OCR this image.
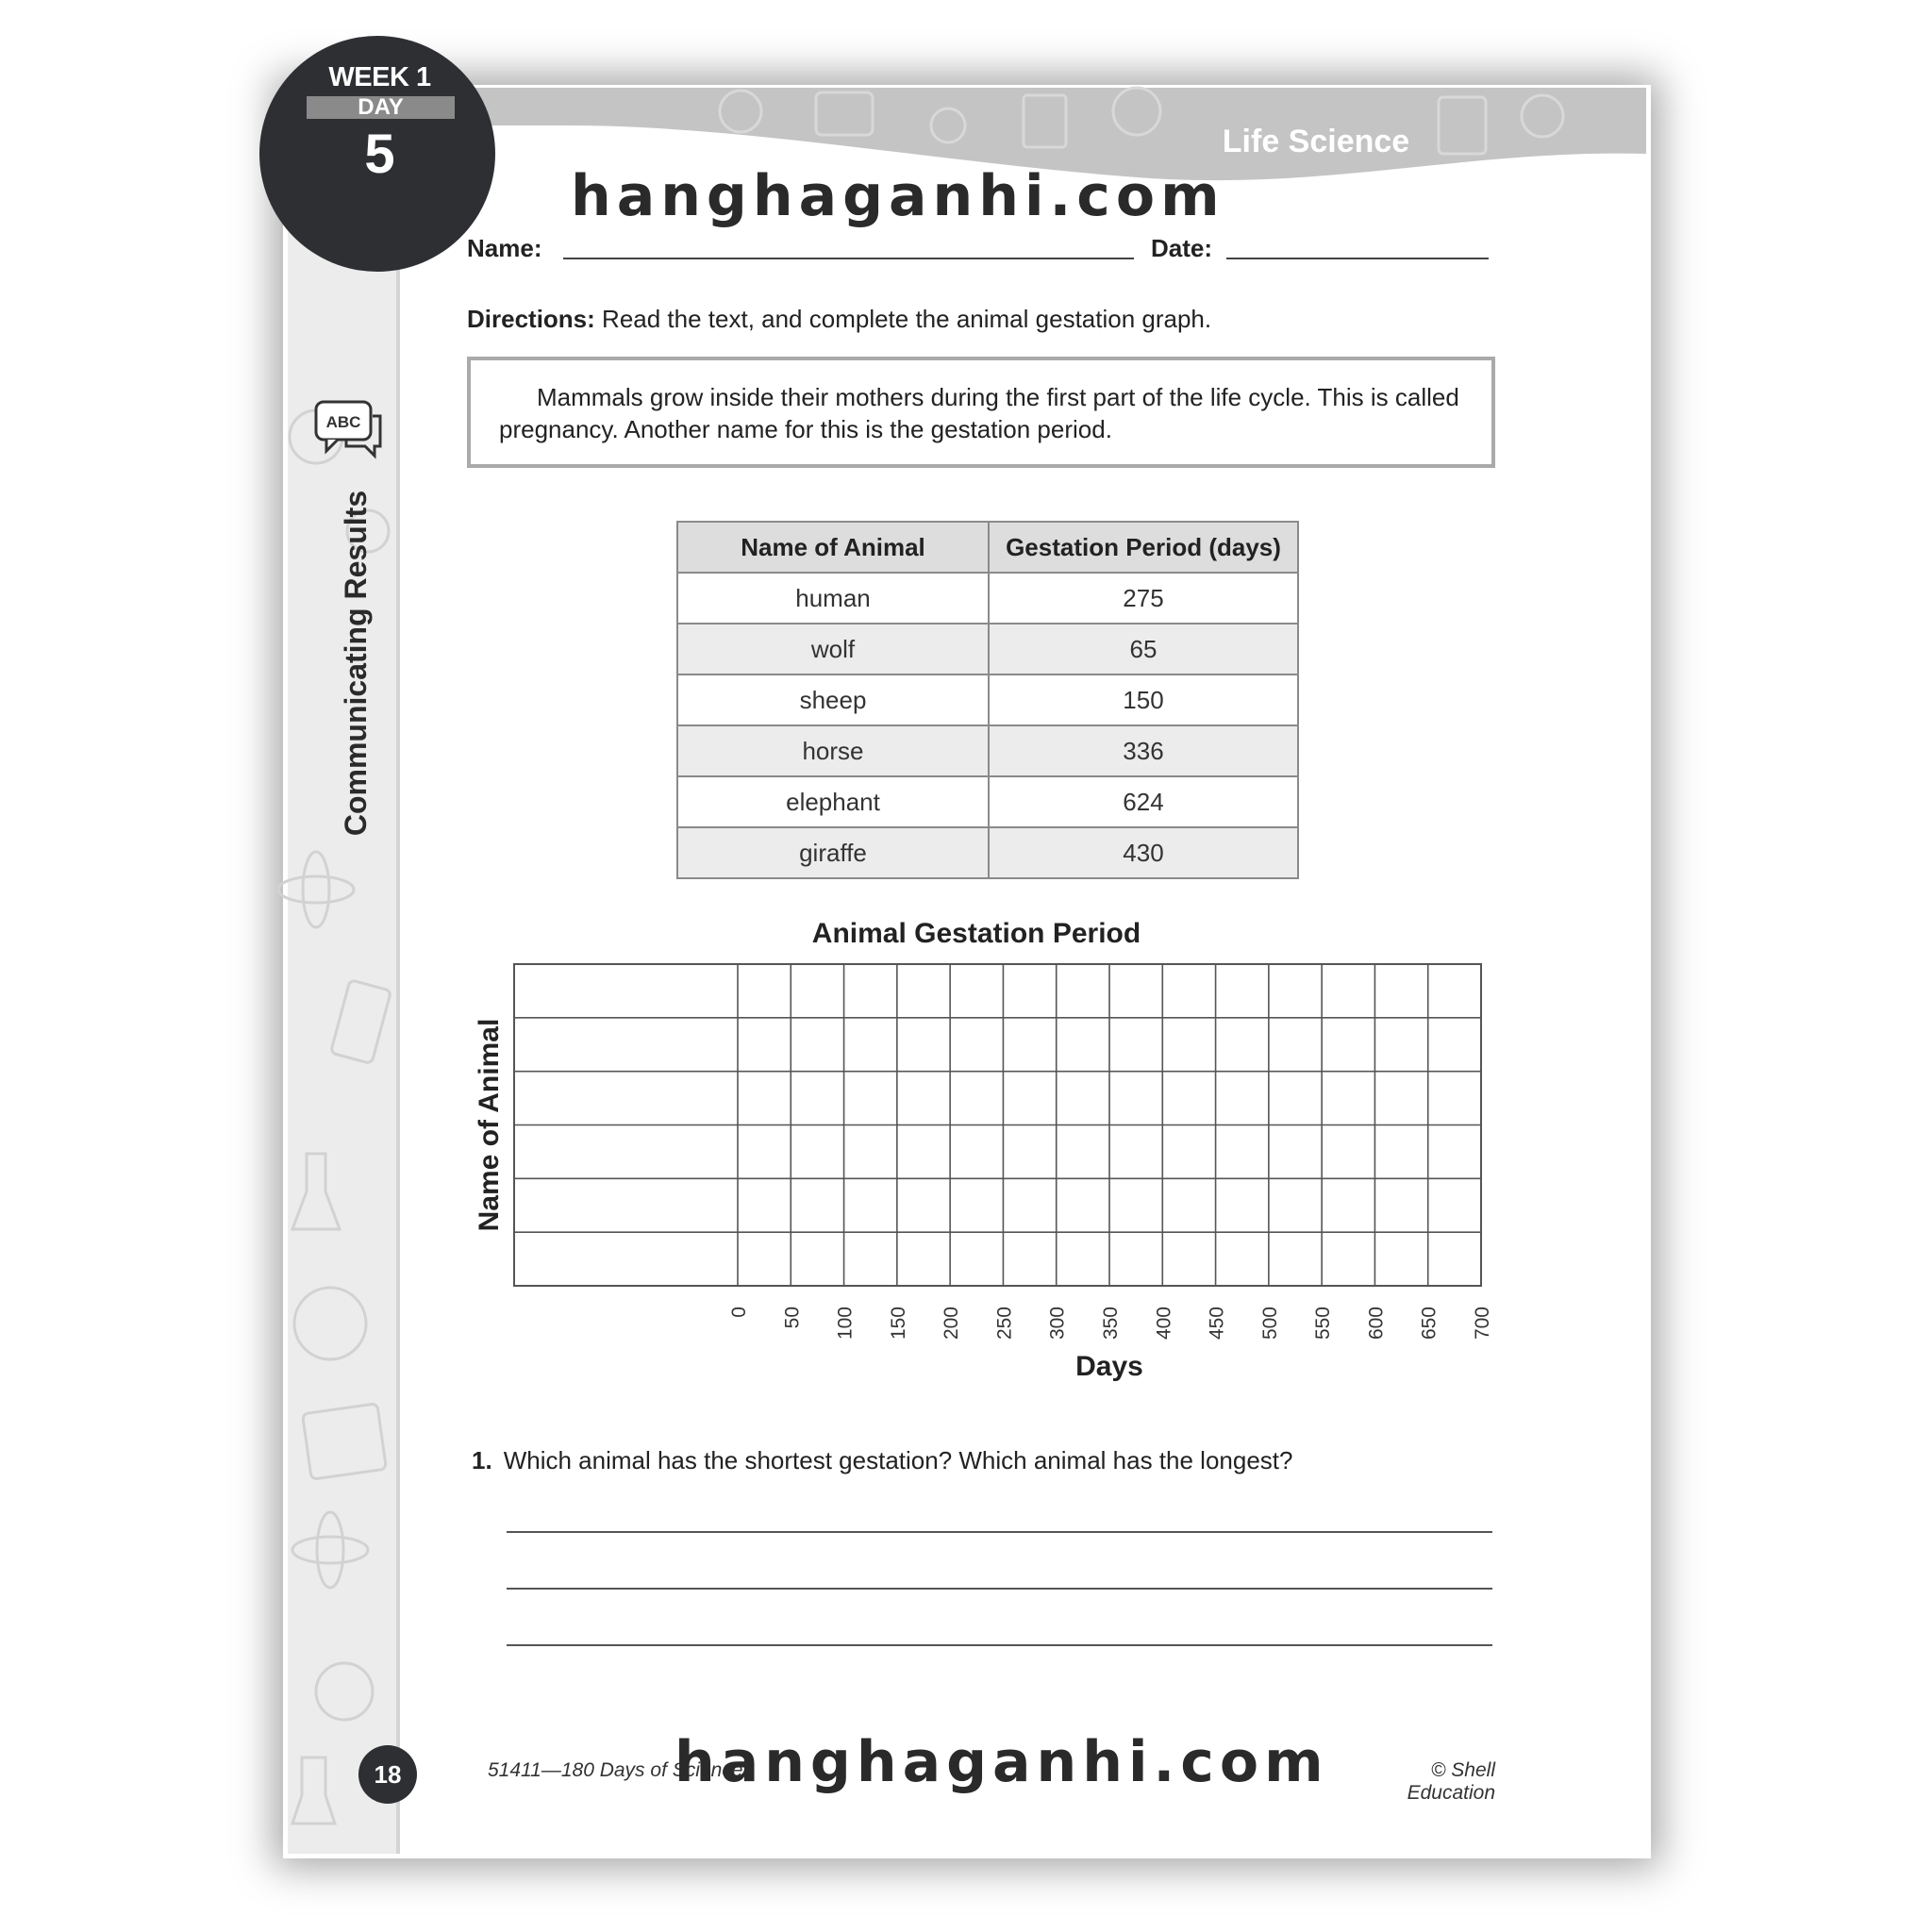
ABC
Communicating Results
Life Science
WEEK 1
DAY
5
hanghaganhi.com
Name:	Date:
Directions: Read the text, and complete the animal gestation graph.

Mammals grow inside their mothers during the first part of the life cycle. This is called pregnancy. Another name for this is the gestation period.

Name of Animal	Gestation Period (days)
human	275
wolf	65
sheep	150
horse	336
elephant	624
giraffe	430
Animal Gestation Period
0 50 100 150 200 250 300 350 400 450 500 550 600 650 700
Days
Name of Animal
1. Which animal has the shortest gestation? Which animal has the longest?
18	51411—180 Days of Science	© Shell Education
hanghaganhi.com
